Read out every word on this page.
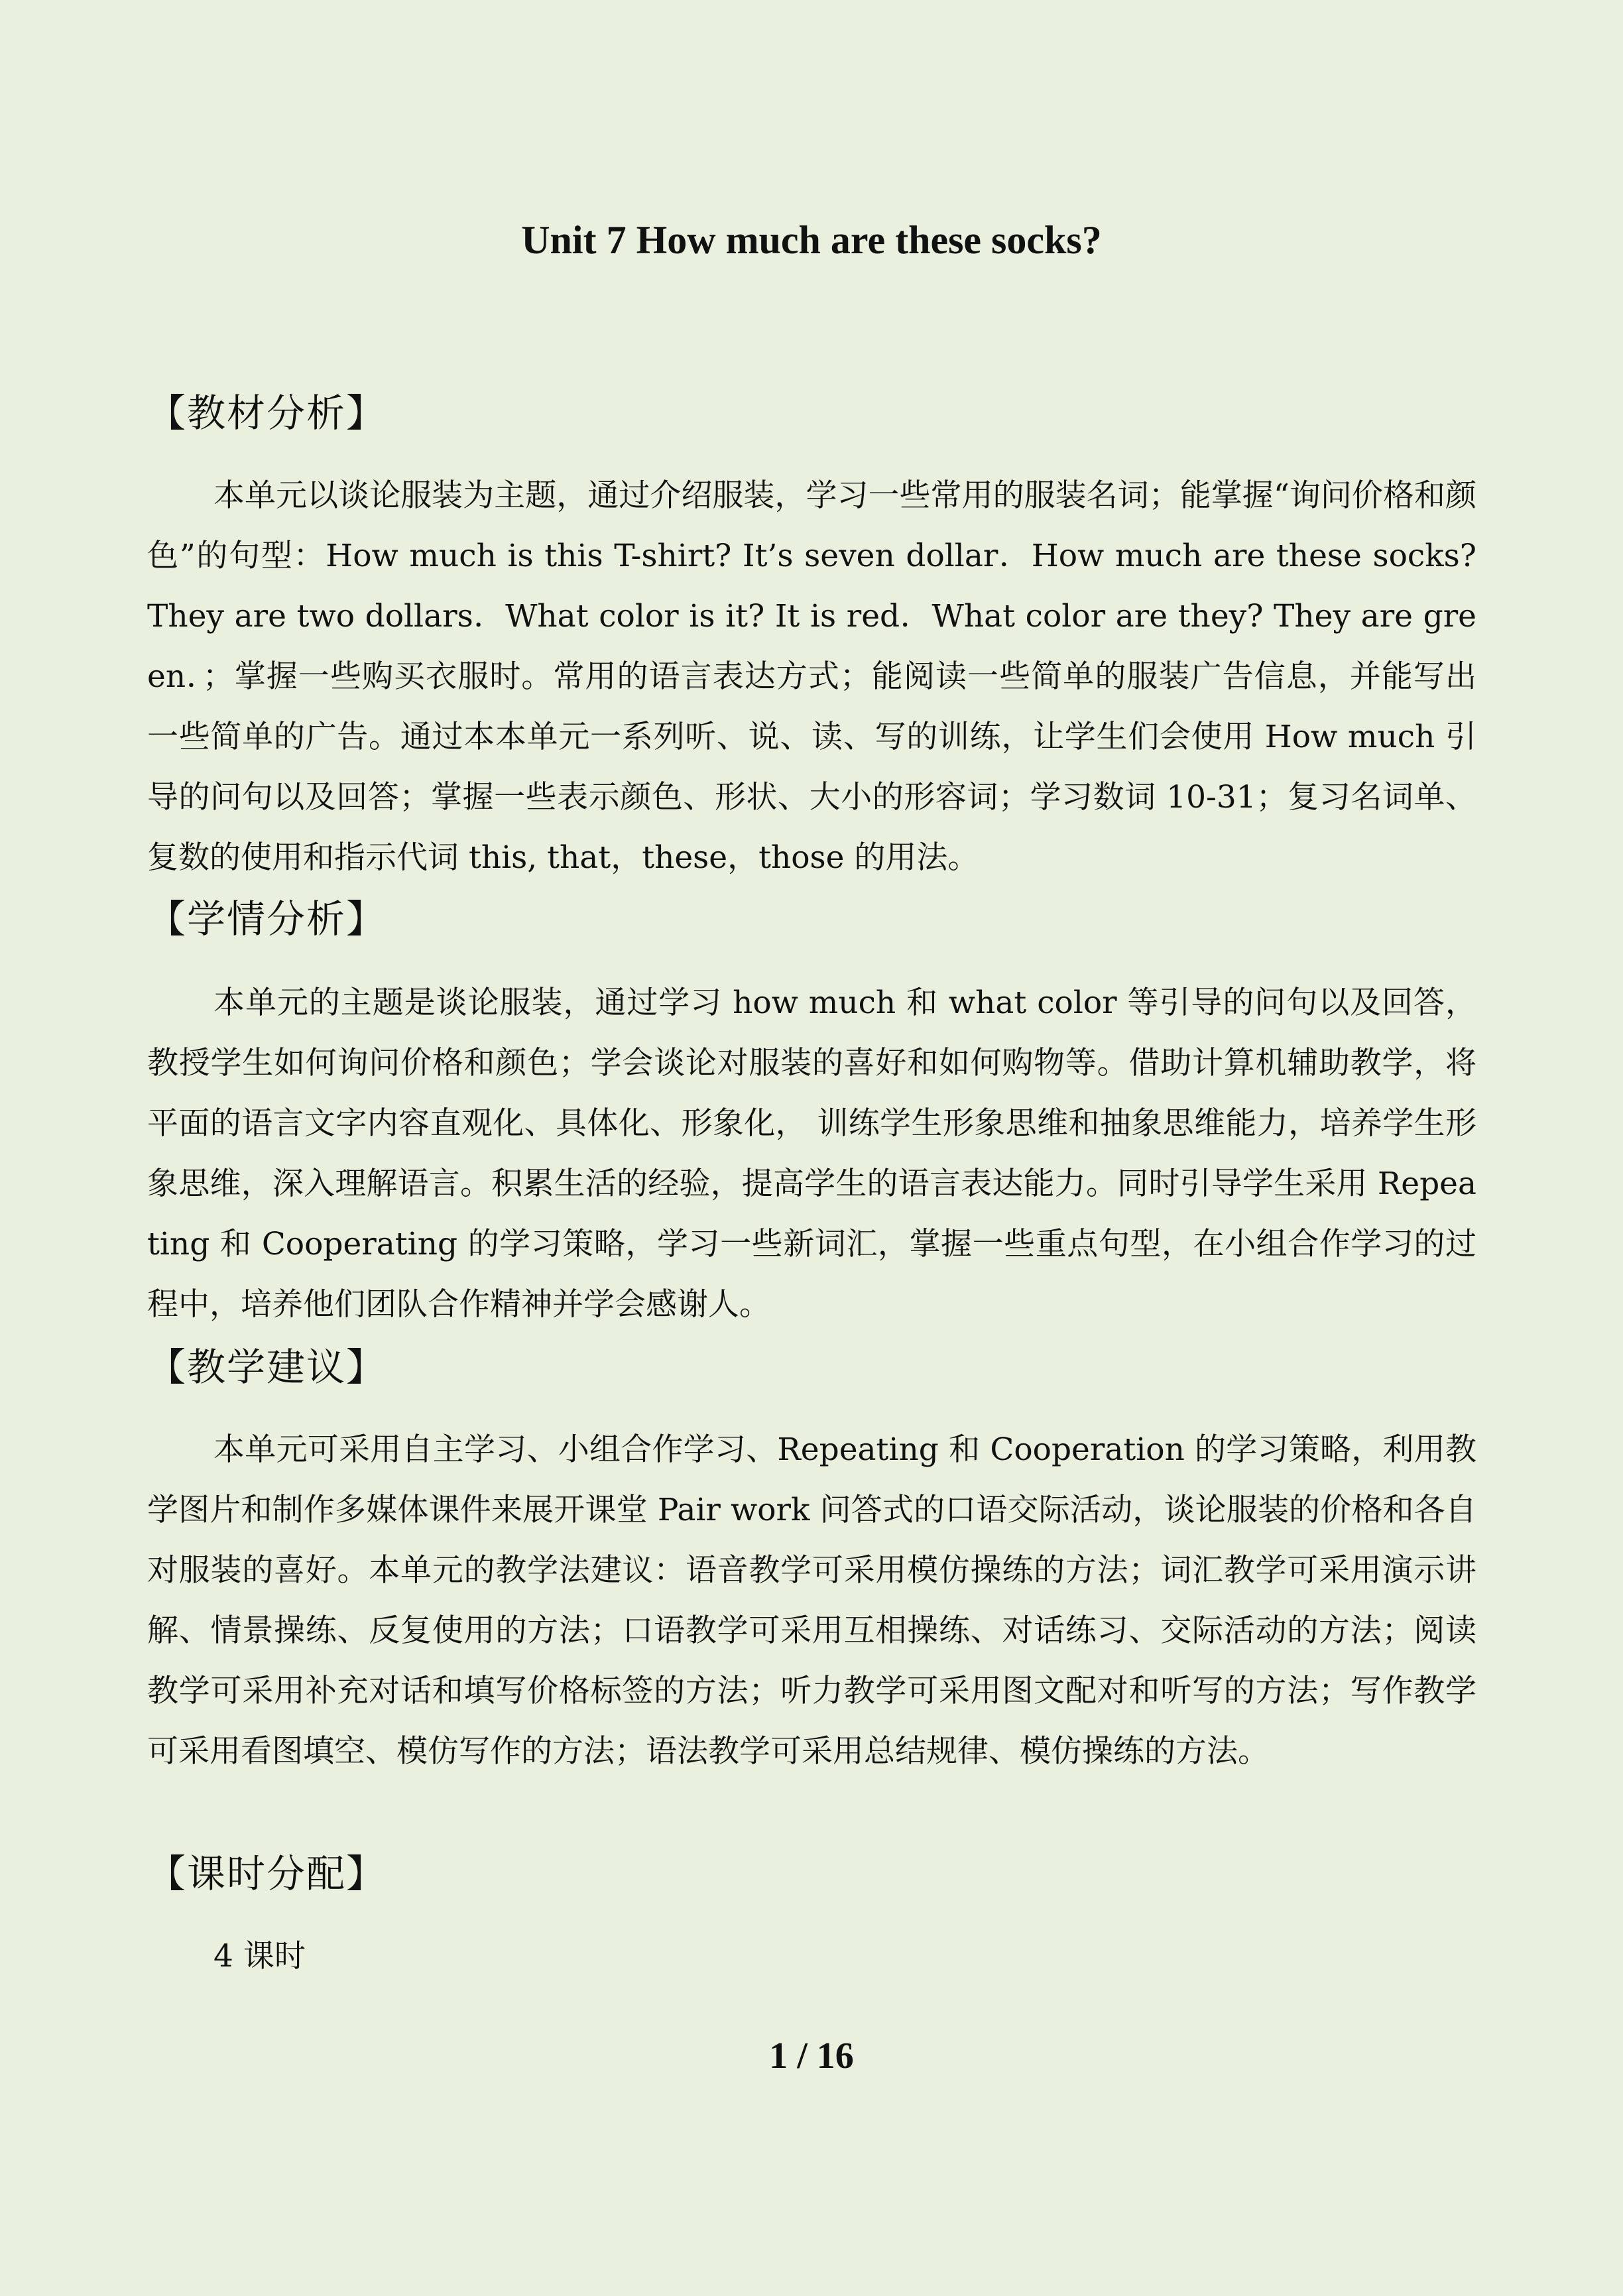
Unit 7 How much are these socks?
【教材分析】

本单元以谈论服装为主题，通过介绍服装，学习一些常用的服装名词；能掌握“询问价格和颜色”的句型：How much is this T-shirt? It’s seven dollar．How much are these socks? They are two dollars．What color is it? It is red．What color are they? They are green．；掌握一些购买衣服时。常用的语言表达方式；能阅读一些简单的服装广告信息，并能写出一些简单的广告。通过本本单元一系列听、说、读、写的训练，让学生们会使用 How much 引导的问句以及回答；掌握一些表示颜色、形状、大小的形容词；学习数词 10-31；复习名词单、复数的使用和指示代词 this, that，these，those 的用法。

【学情分析】

本单元的主题是谈论服装，通过学习 how much 和 what color 等引导的问句以及回答，教授学生如何询问价格和颜色；学会谈论对服装的喜好和如何购物等。借助计算机辅助教学，将平面的语言文字内容直观化、具体化、形象化， 训练学生形象思维和抽象思维能力，培养学生形象思维，深入理解语言。积累生活的经验，提高学生的语言表达能力。同时引导学生采用 Repeating 和 Cooperating 的学习策略，学习一些新词汇，掌握一些重点句型，在小组合作学习的过程中，培养他们团队合作精神并学会感谢人。

【教学建议】

本单元可采用自主学习、小组合作学习、Repeating 和 Cooperation 的学习策略，利用教学图片和制作多媒体课件来展开课堂 Pair work 问答式的口语交际活动，谈论服装的价格和各自对服装的喜好。本单元的教学法建议：语音教学可采用模仿操练的方法；词汇教学可采用演示讲解、情景操练、反复使用的方法；口语教学可采用互相操练、对话练习、交际活动的方法；阅读教学可采用补充对话和填写价格标签的方法；听力教学可采用图文配对和听写的方法；写作教学可采用看图填空、模仿写作的方法；语法教学可采用总结规律、模仿操练的方法。

【课时分配】

4 课时

1 / 16
